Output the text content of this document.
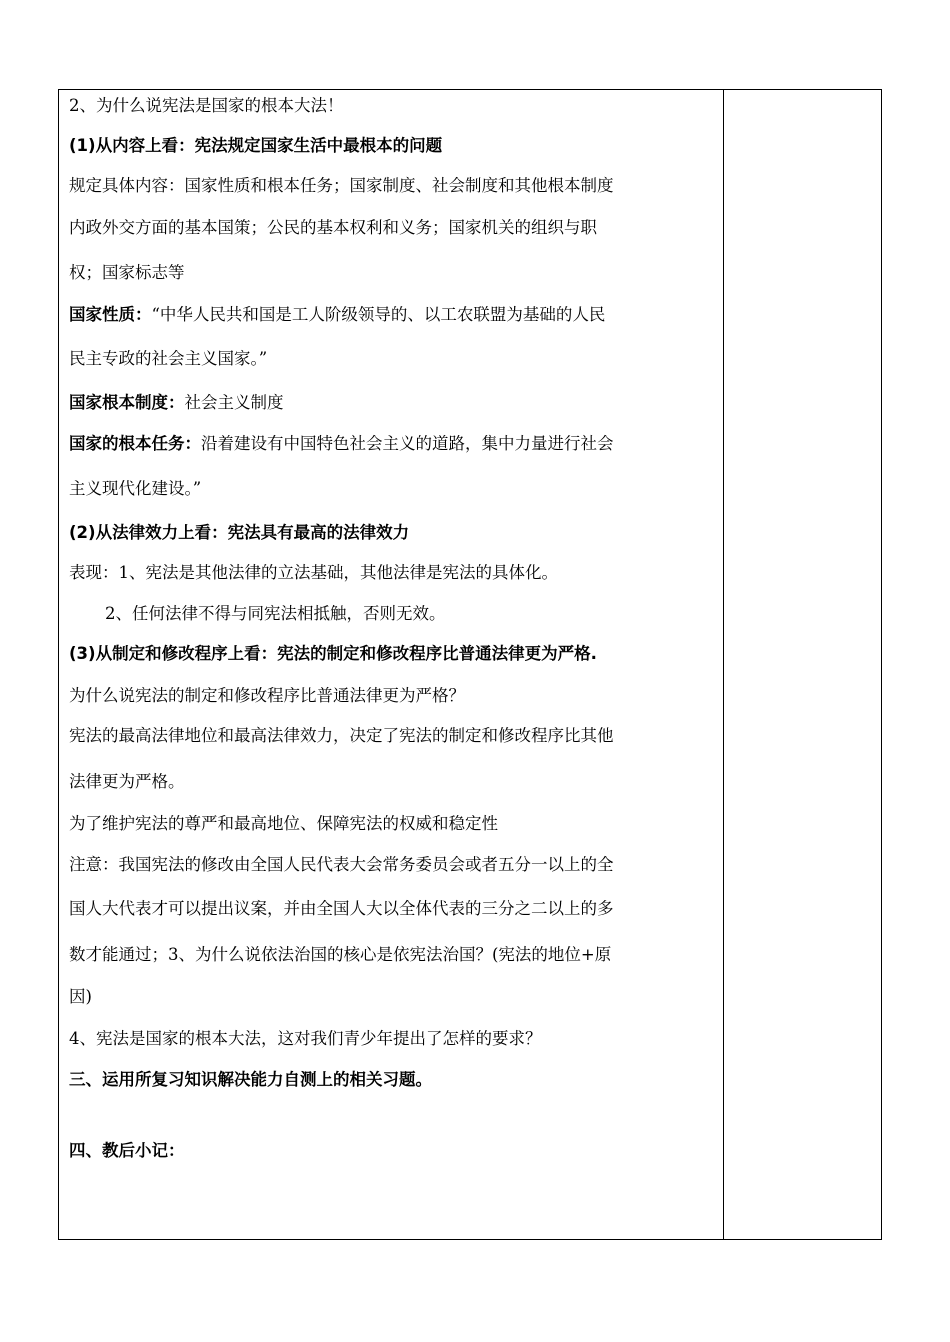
2、为什么说宪法是国家的根本大法！
(1)从内容上看：宪法规定国家生活中最根本的问题
规定具体内容：国家性质和根本任务；国家制度、社会制度和其他根本制度
内政外交方面的基本国策；公民的基本权利和义务；国家机关的组织与职
权；国家标志等
国家性质：“中华人民共和国是工人阶级领导的、以工农联盟为基础的人民
民主专政的社会主义国家。”
国家根本制度：社会主义制度
国家的根本任务：沿着建设有中国特色社会主义的道路，集中力量进行社会
主义现代化建设。”
(2)从法律效力上看：宪法具有最高的法律效力
表现：1、宪法是其他法律的立法基础，其他法律是宪法的具体化。
2、任何法律不得与同宪法相抵触，否则无效。
(3)从制定和修改程序上看：宪法的制定和修改程序比普通法律更为严格.
为什么说宪法的制定和修改程序比普通法律更为严格？
宪法的最高法律地位和最高法律效力，决定了宪法的制定和修改程序比其他
法律更为严格。
为了维护宪法的尊严和最高地位、保障宪法的权威和稳定性
注意：我国宪法的修改由全国人民代表大会常务委员会或者五分一以上的全
国人大代表才可以提出议案，并由全国人大以全体代表的三分之二以上的多
数才能通过；3、为什么说依法治国的核心是依宪法治国？(宪法的地位+原
因)
4、宪法是国家的根本大法，这对我们青少年提出了怎样的要求？
三、运用所复习知识解决能力自测上的相关习题。
四、教后小记：
